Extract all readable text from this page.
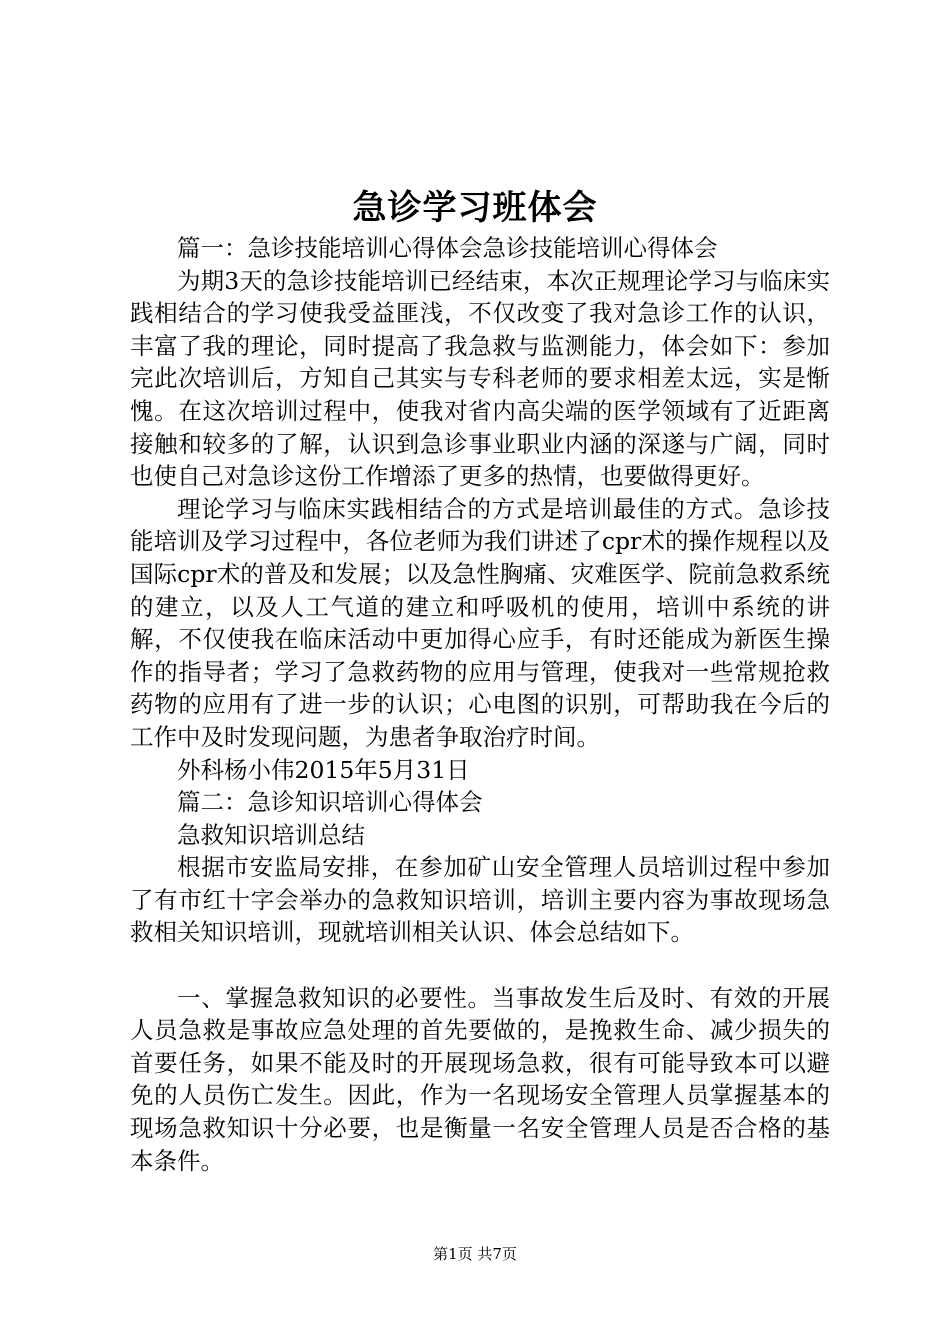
急诊学习班体会

篇一：急诊技能培训心得体会急诊技能培训心得体会

为期3天的急诊技能培训已经结束，本次正规理论学习与临床实践相结合的学习使我受益匪浅，不仅改变了我对急诊工作的认识，丰富了我的理论，同时提高了我急救与监测能力，体会如下：参加完此次培训后，方知自己其实与专科老师的要求相差太远，实是惭愧。在这次培训过程中，使我对省内高尖端的医学领域有了近距离接触和较多的了解，认识到急诊事业职业内涵的深遂与广阔，同时也使自己对急诊这份工作增添了更多的热情，也要做得更好。

理论学习与临床实践相结合的方式是培训最佳的方式。急诊技能培训及学习过程中，各位老师为我们讲述了cpr术的操作规程以及国际cpr术的普及和发展；以及急性胸痛、灾难医学、院前急救系统的建立，以及人工气道的建立和呼吸机的使用，培训中系统的讲解，不仅使我在临床活动中更加得心应手，有时还能成为新医生操作的指导者；学习了急救药物的应用与管理，使我对一些常规抢救药物的应用有了进一步的认识；心电图的识别，可帮助我在今后的工作中及时发现问题，为患者争取治疗时间。

外科杨小伟2015年5月31日

篇二：急诊知识培训心得体会

急救知识培训总结

根据市安监局安排，在参加矿山安全管理人员培训过程中参加了有市红十字会举办的急救知识培训，培训主要内容为事故现场急救相关知识培训，现就培训相关认识、体会总结如下。

一、掌握急救知识的必要性。当事故发生后及时、有效的开展人员急救是事故应急处理的首先要做的，是挽救生命、减少损失的首要任务，如果不能及时的开展现场急救，很有可能导致本可以避免的人员伤亡发生。因此，作为一名现场安全管理人员掌握基本的现场急救知识十分必要，也是衡量一名安全管理人员是否合格的基本条件。

第1页 共7页
